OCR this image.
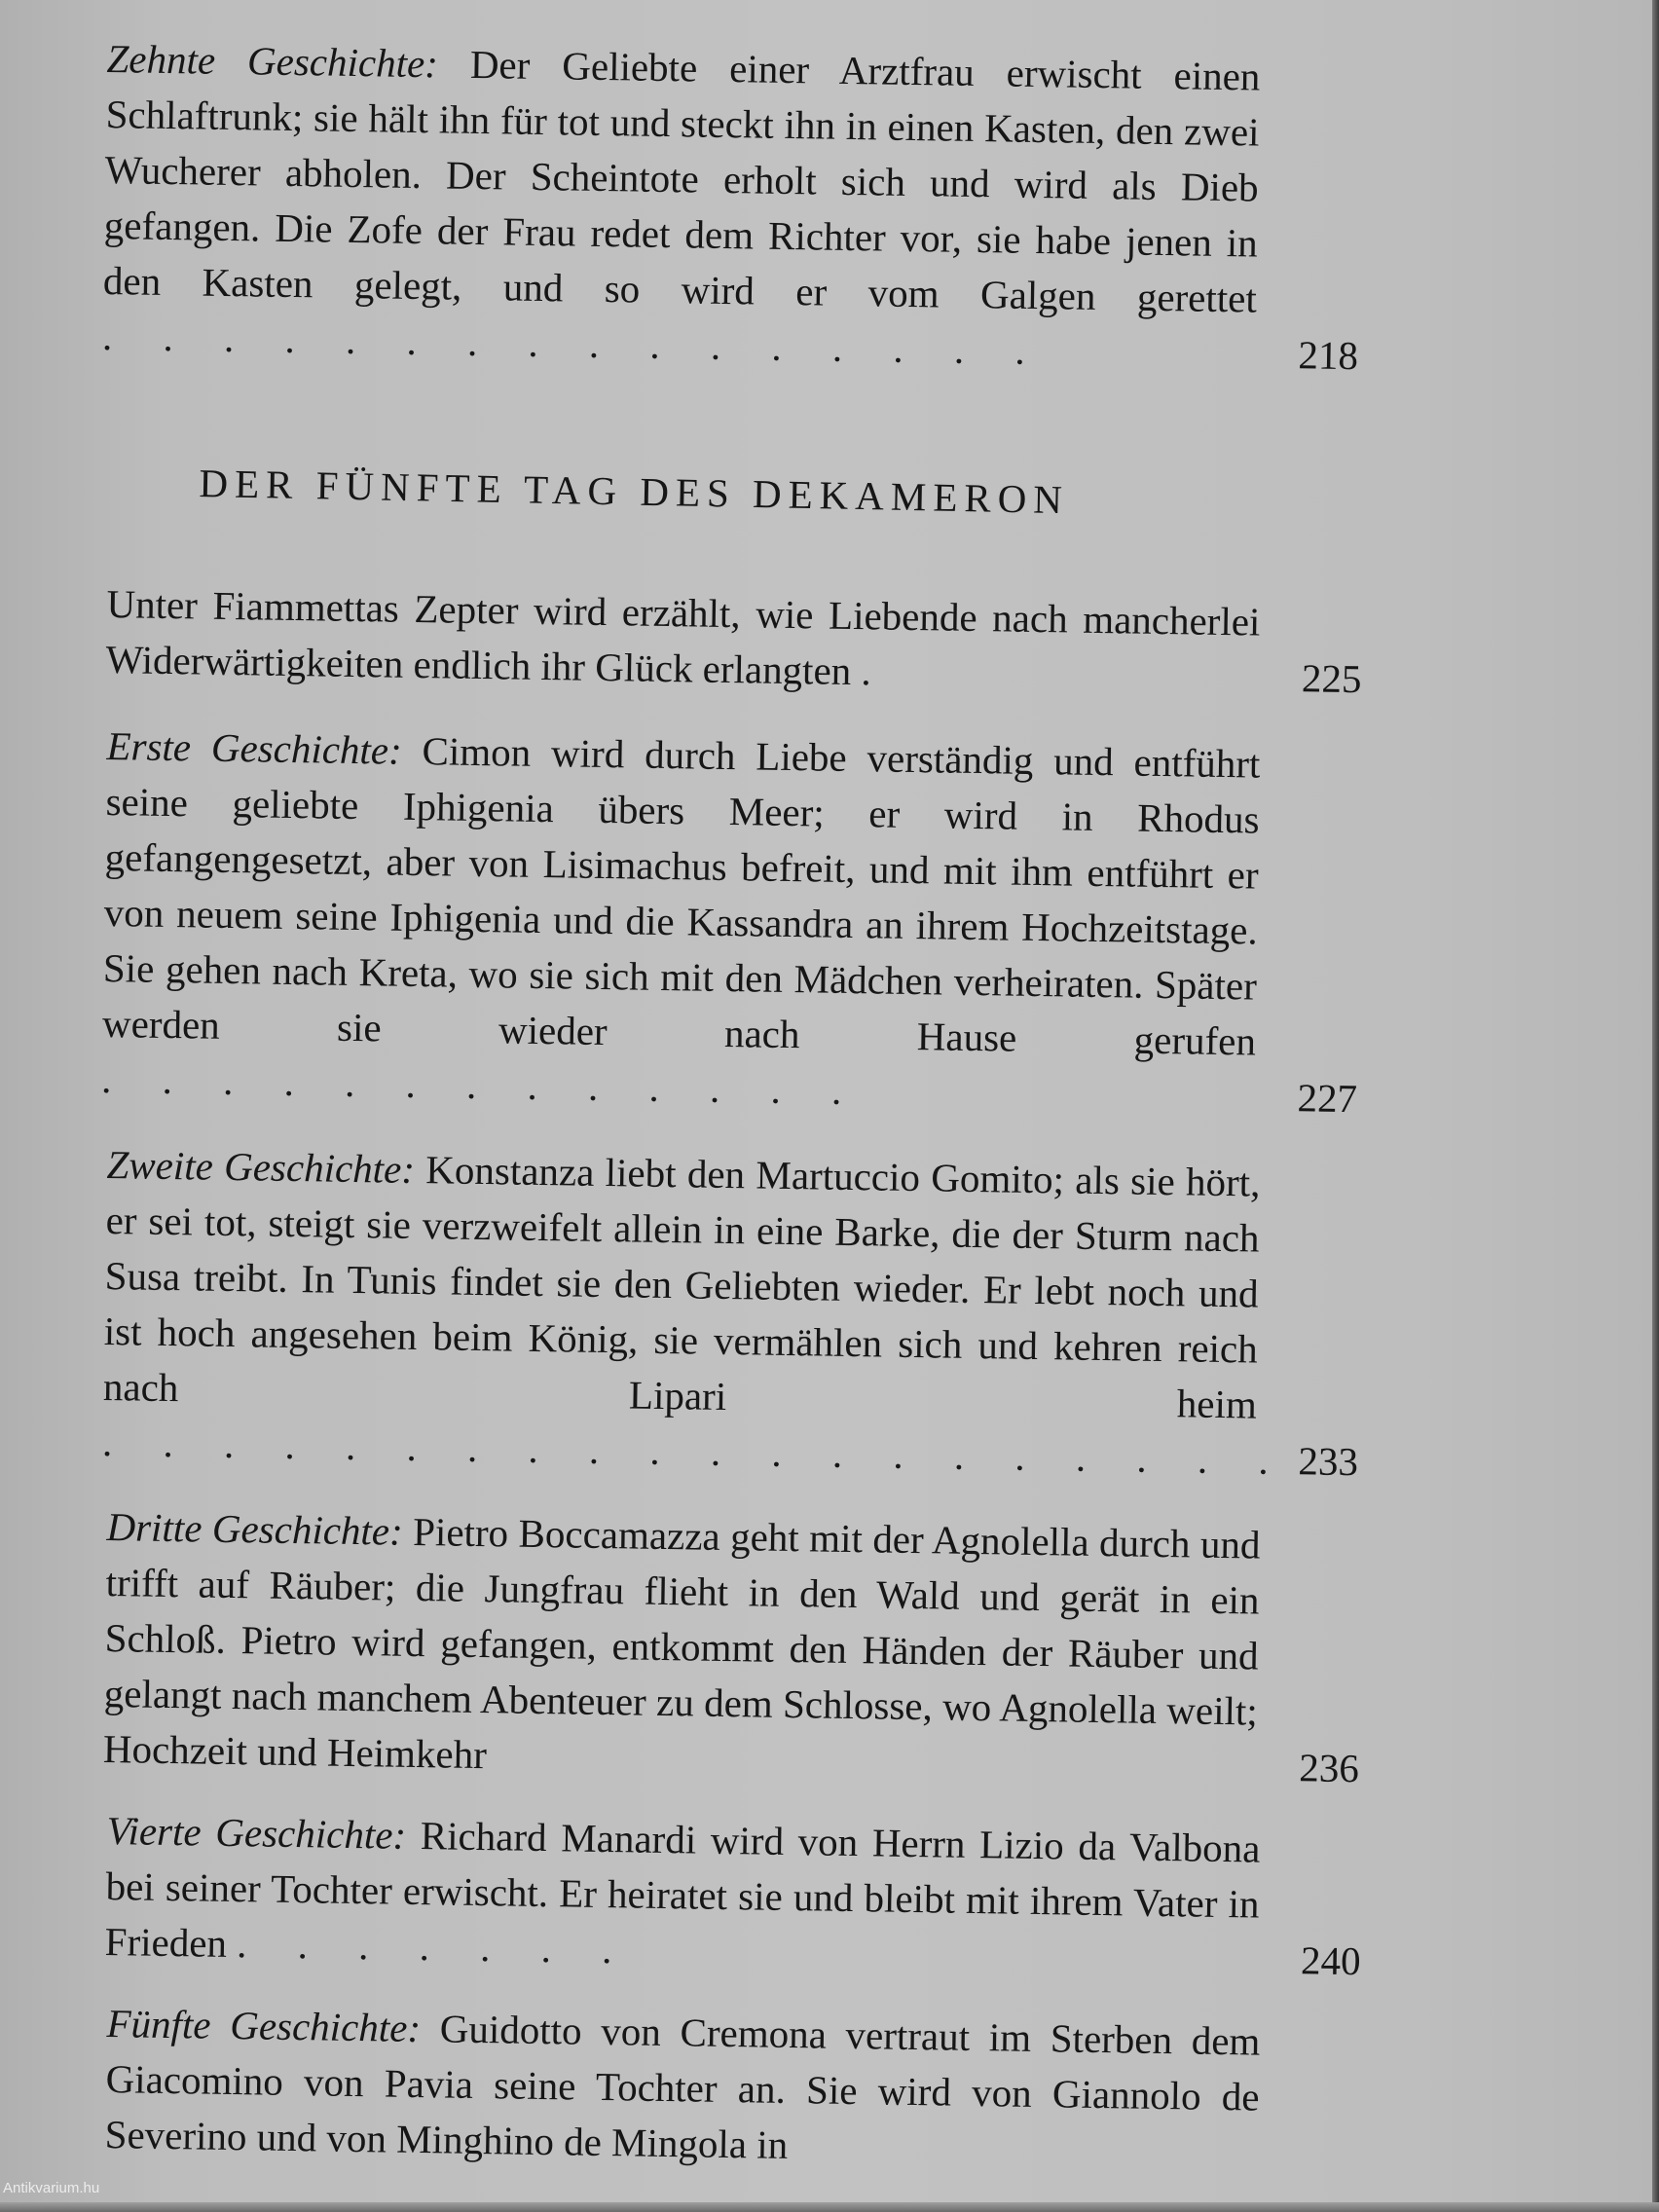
Zehnte Geschichte: Der Geliebte einer Arztfrau erwischt einen Schlaftrunk; sie hält ihn für tot und steckt ihn in einen Kasten, den zwei Wucherer abholen. Der Scheintote erholt sich und wird als Dieb gefangen. Die Zofe der Frau redet dem Richter vor, sie habe jenen in den Kasten gelegt, und so wird er vom Galgen gerettet . . . . . . . . . . . . . . . .	218
DER FÜNFTE TAG DES DEKAMERON
Unter Fiammettas Zepter wird erzählt, wie Liebende nach mancherlei Widerwärtigkeiten endlich ihr Glück erlangten .	225
Erste Geschichte: Cimon wird durch Liebe verständig und entführt seine geliebte Iphigenia übers Meer; er wird in Rhodus gefangengesetzt, aber von Lisimachus befreit, und mit ihm entführt er von neuem seine Iphigenia und die Kassandra an ihrem Hochzeitstage. Sie gehen nach Kreta, wo sie sich mit den Mädchen verheiraten. Später werden sie wieder nach Hause gerufen . . . . . . . . . . . . .	227
Zweite Geschichte: Konstanza liebt den Martuccio Gomito; als sie hört, er sei tot, steigt sie verzweifelt allein in eine Barke, die der Sturm nach Susa treibt. In Tunis findet sie den Geliebten wieder. Er lebt noch und ist hoch angesehen beim König, sie vermählen sich und kehren reich nach Lipari heim . . . . . . . . . . . . . . . . . . . . 233
Dritte Geschichte: Pietro Boccamazza geht mit der Agnolella durch und trifft auf Räuber; die Jungfrau flieht in den Wald und gerät in ein Schloß. Pietro wird gefangen, entkommt den Händen der Räuber und gelangt nach manchem Abenteuer zu dem Schlosse, wo Agnolella weilt; Hochzeit und Heimkehr	236
Vierte Geschichte: Richard Manardi wird von Herrn Lizio da Valbona bei seiner Tochter erwischt. Er heiratet sie und bleibt mit ihrem Vater in Frieden . . . . . . .	240
Fünfte Geschichte: Guidotto von Cremona vertraut im Sterben dem Giacomino von Pavia seine Tochter an. Sie wird von Giannolo de Severino und von Minghino de Mingola in
Antikvarium.hu
